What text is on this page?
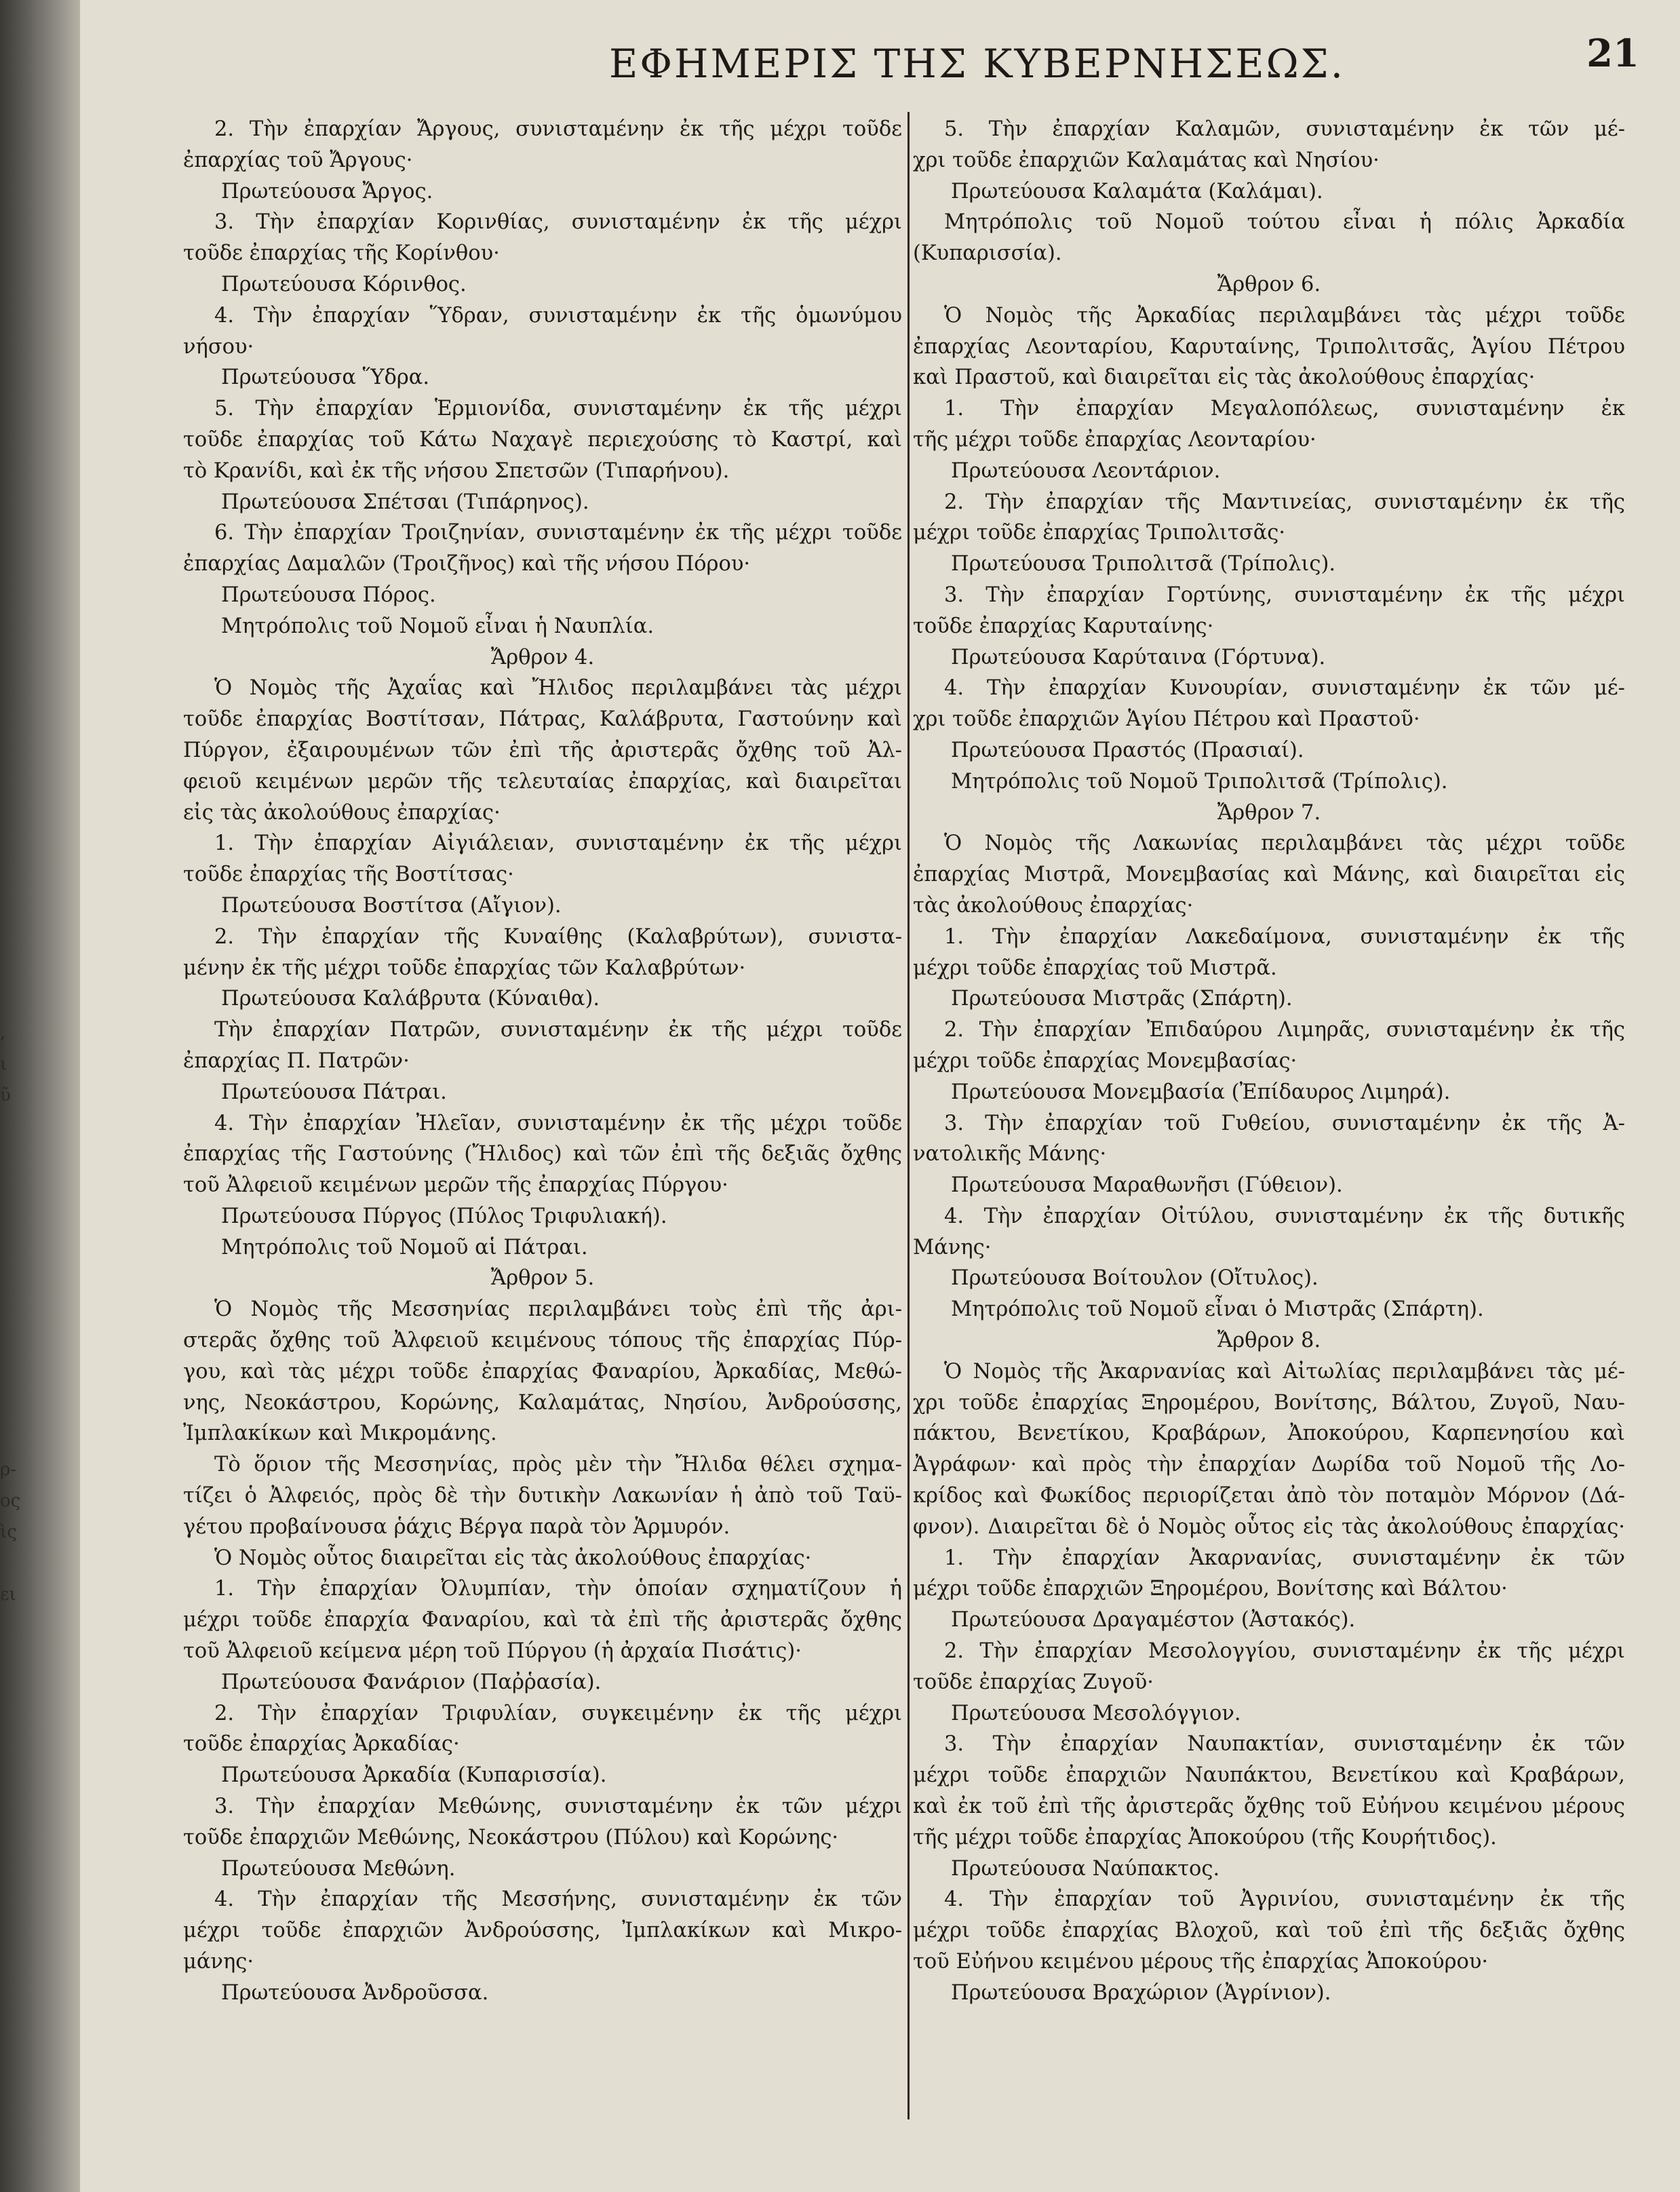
,
ι
ῦ
ρ-
ος
ὶς
ει
ΕΦΗΜΕΡΙΣ ΤΗΣ ΚΥΒΕΡΝΗΣΕΩΣ.	21
2. Τὴν ἐπαρχίαν Ἄργους, συνισταμένην ἐκ τῆς μέχρι τοῦδε
ἐπαρχίας τοῦ Ἄργους·
Πρωτεύουσα Ἄργος.
3. Τὴν ἐπαρχίαν Κορινθίας, συνισταμένην ἐκ τῆς μέχρι
τοῦδε ἐπαρχίας τῆς Κορίνθου·
Πρωτεύουσα Κόρινθος.
4. Τὴν ἐπαρχίαν Ὕδραν, συνισταμένην ἐκ τῆς ὁμωνύμου
νήσου·
Πρωτεύουσα Ὕδρα.
5. Τὴν ἐπαρχίαν Ἑρμιονίδα, συνισταμένην ἐκ τῆς μέχρι
τοῦδε ἐπαρχίας τοῦ Κάτω Ναχαγὲ περιεχούσης τὸ Καστρί, καὶ
τὸ Κρανίδι, καὶ ἐκ τῆς νήσου Σπετσῶν (Τιπαρήνου).
Πρωτεύουσα Σπέτσαι (Τιπάρηνος).
6. Τὴν ἐπαρχίαν Τροιζηνίαν, συνισταμένην ἐκ τῆς μέχρι τοῦδε
ἐπαρχίας Δαμαλῶν (Τροιζῆνος) καὶ τῆς νήσου Πόρου·
Πρωτεύουσα Πόρος.
Μητρόπολις τοῦ Νομοῦ εἶναι ἡ Ναυπλία.
Ἄρθρον 4.
Ὁ Νομὸς τῆς Ἀχαΐας καὶ Ἤλιδος περιλαμβάνει τὰς μέχρι
τοῦδε ἐπαρχίας Βοστίτσαν, Πάτρας, Καλάβρυτα, Γαστούνην καὶ
Πύργον, ἐξαιρουμένων τῶν ἐπὶ τῆς ἀριστερᾶς ὄχθης τοῦ Ἀλ-
φειοῦ κειμένων μερῶν τῆς τελευταίας ἐπαρχίας, καὶ διαιρεῖται
εἰς τὰς ἀκολούθους ἐπαρχίας·
1. Τὴν ἐπαρχίαν Αἰγιάλειαν, συνισταμένην ἐκ τῆς μέχρι
τοῦδε ἐπαρχίας τῆς Βοστίτσας·
Πρωτεύουσα Βοστίτσα (Αἴγιον).
2. Τὴν ἐπαρχίαν τῆς Κυναίθης (Καλαβρύτων), συνιστα-
μένην ἐκ τῆς μέχρι τοῦδε ἐπαρχίας τῶν Καλαβρύτων·
Πρωτεύουσα Καλάβρυτα (Κύναιθα).
Τὴν ἐπαρχίαν Πατρῶν, συνισταμένην ἐκ τῆς μέχρι τοῦδε
ἐπαρχίας Π. Πατρῶν·
Πρωτεύουσα Πάτραι.
4. Τὴν ἐπαρχίαν Ἠλεῖαν, συνισταμένην ἐκ τῆς μέχρι τοῦδε
ἐπαρχίας τῆς Γαστούνης (Ἤλιδος) καὶ τῶν ἐπὶ τῆς δεξιᾶς ὄχθης
τοῦ Ἀλφειοῦ κειμένων μερῶν τῆς ἐπαρχίας Πύργου·
Πρωτεύουσα Πύργος (Πύλος Τριφυλιακή).
Μητρόπολις τοῦ Νομοῦ αἱ Πάτραι.
Ἄρθρον 5.
Ὁ Νομὸς τῆς Μεσσηνίας περιλαμβάνει τοὺς ἐπὶ τῆς ἀρι-
στερᾶς ὄχθης τοῦ Ἀλφειοῦ κειμένους τόπους τῆς ἐπαρχίας Πύρ-
γου, καὶ τὰς μέχρι τοῦδε ἐπαρχίας Φαναρίου, Ἀρκαδίας, Μεθώ-
νης, Νεοκάστρου, Κορώνης, Καλαμάτας, Νησίου, Ἀνδρούσσης,
Ἰμπλακίκων καὶ Μικρομάνης.
Τὸ ὅριον τῆς Μεσσηνίας, πρὸς μὲν τὴν Ἤλιδα θέλει σχημα-
τίζει ὁ Ἀλφειός, πρὸς δὲ τὴν δυτικὴν Λακωνίαν ἡ ἀπὸ τοῦ Ταϋ-
γέτου προβαίνουσα ῥάχις Βέργα παρὰ τὸν Ἁρμυρόν.
Ὁ Νομὸς οὗτος διαιρεῖται εἰς τὰς ἀκολούθους ἐπαρχίας·
1. Τὴν ἐπαρχίαν Ὀλυμπίαν, τὴν ὁποίαν σχηματίζουν ἡ
μέχρι τοῦδε ἐπαρχία Φαναρίου, καὶ τὰ ἐπὶ τῆς ἀριστερᾶς ὄχθης
τοῦ Ἀλφειοῦ κείμενα μέρη τοῦ Πύργου (ἡ ἀρχαία Πισάτις)·
Πρωτεύουσα Φανάριον (Παῤῥασία).
2. Τὴν ἐπαρχίαν Τριφυλίαν, συγκειμένην ἐκ τῆς μέχρι
τοῦδε ἐπαρχίας Ἀρκαδίας·
Πρωτεύουσα Ἀρκαδία (Κυπαρισσία).
3. Τὴν ἐπαρχίαν Μεθώνης, συνισταμένην ἐκ τῶν μέχρι
τοῦδε ἐπαρχιῶν Μεθώνης, Νεοκάστρου (Πύλου) καὶ Κορώνης·
Πρωτεύουσα Μεθώνη.
4. Τὴν ἐπαρχίαν τῆς Μεσσήνης, συνισταμένην ἐκ τῶν
μέχρι τοῦδε ἐπαρχιῶν Ἀνδρούσσης, Ἰμπλακίκων καὶ Μικρο-
μάνης·
Πρωτεύουσα Ἀνδροῦσσα.
5. Τὴν ἐπαρχίαν Καλαμῶν, συνισταμένην ἐκ τῶν μέ-
χρι τοῦδε ἐπαρχιῶν Καλαμάτας καὶ Νησίου·
Πρωτεύουσα Καλαμάτα (Καλάμαι).
Μητρόπολις τοῦ Νομοῦ τούτου εἶναι ἡ πόλις Ἀρκαδία
(Κυπαρισσία).
Ἄρθρον 6.
Ὁ Νομὸς τῆς Ἀρκαδίας περιλαμβάνει τὰς μέχρι τοῦδε
ἐπαρχίας Λεονταρίου, Καρυταίνης, Τριπολιτσᾶς, Ἁγίου Πέτρου
καὶ Πραστοῦ, καὶ διαιρεῖται εἰς τὰς ἀκολούθους ἐπαρχίας·
1. Τὴν ἐπαρχίαν Μεγαλοπόλεως, συνισταμένην ἐκ
τῆς μέχρι τοῦδε ἐπαρχίας Λεονταρίου·
Πρωτεύουσα Λεοντάριον.
2. Τὴν ἐπαρχίαν τῆς Μαντινείας, συνισταμένην ἐκ τῆς
μέχρι τοῦδε ἐπαρχίας Τριπολιτσᾶς·
Πρωτεύουσα Τριπολιτσᾶ (Τρίπολις).
3. Τὴν ἐπαρχίαν Γορτύνης, συνισταμένην ἐκ τῆς μέχρι
τοῦδε ἐπαρχίας Καρυταίνης·
Πρωτεύουσα Καρύταινα (Γόρτυνα).
4. Τὴν ἐπαρχίαν Κυνουρίαν, συνισταμένην ἐκ τῶν μέ-
χρι τοῦδε ἐπαρχιῶν Ἁγίου Πέτρου καὶ Πραστοῦ·
Πρωτεύουσα Πραστός (Πρασιαί).
Μητρόπολις τοῦ Νομοῦ Τριπολιτσᾶ (Τρίπολις).
Ἄρθρον 7.
Ὁ Νομὸς τῆς Λακωνίας περιλαμβάνει τὰς μέχρι τοῦδε
ἐπαρχίας Μιστρᾶ, Μονεμβασίας καὶ Μάνης, καὶ διαιρεῖται εἰς
τὰς ἀκολούθους ἐπαρχίας·
1. Τὴν ἐπαρχίαν Λακεδαίμονα, συνισταμένην ἐκ τῆς
μέχρι τοῦδε ἐπαρχίας τοῦ Μιστρᾶ.
Πρωτεύουσα Μιστρᾶς (Σπάρτη).
2. Τὴν ἐπαρχίαν Ἐπιδαύρου Λιμηρᾶς, συνισταμένην ἐκ τῆς
μέχρι τοῦδε ἐπαρχίας Μονεμβασίας·
Πρωτεύουσα Μονεμβασία (Ἐπίδαυρος Λιμηρά).
3. Τὴν ἐπαρχίαν τοῦ Γυθείου, συνισταμένην ἐκ τῆς Ἀ-
νατολικῆς Μάνης·
Πρωτεύουσα Μαραθωνῆσι (Γύθειον).
4. Τὴν ἐπαρχίαν Οἰτύλου, συνισταμένην ἐκ τῆς δυτικῆς
Μάνης·
Πρωτεύουσα Βοίτουλον (Οἴτυλος).
Μητρόπολις τοῦ Νομοῦ εἶναι ὁ Μιστρᾶς (Σπάρτη).
Ἄρθρον 8.
Ὁ Νομὸς τῆς Ἀκαρνανίας καὶ Αἰτωλίας περιλαμβάνει τὰς μέ-
χρι τοῦδε ἐπαρχίας Ξηρομέρου, Βονίτσης, Βάλτου, Ζυγοῦ, Ναυ-
πάκτου, Βενετίκου, Κραβάρων, Ἀποκούρου, Καρπενησίου καὶ
Ἀγράφων· καὶ πρὸς τὴν ἐπαρχίαν Δωρίδα τοῦ Νομοῦ τῆς Λο-
κρίδος καὶ Φωκίδος περιορίζεται ἀπὸ τὸν ποταμὸν Μόρνον (Δά-
φνον). Διαιρεῖται δὲ ὁ Νομὸς οὗτος εἰς τὰς ἀκολούθους ἐπαρχίας·
1. Τὴν ἐπαρχίαν Ἀκαρνανίας, συνισταμένην ἐκ τῶν
μέχρι τοῦδε ἐπαρχιῶν Ξηρομέρου, Βονίτσης καὶ Βάλτου·
Πρωτεύουσα Δραγαμέστον (Ἀστακός).
2. Τὴν ἐπαρχίαν Μεσολογγίου, συνισταμένην ἐκ τῆς μέχρι
τοῦδε ἐπαρχίας Ζυγοῦ·
Πρωτεύουσα Μεσολόγγιον.
3. Τὴν ἐπαρχίαν Ναυπακτίαν, συνισταμένην ἐκ τῶν
μέχρι τοῦδε ἐπαρχιῶν Ναυπάκτου, Βενετίκου καὶ Κραβάρων,
καὶ ἐκ τοῦ ἐπὶ τῆς ἀριστερᾶς ὄχθης τοῦ Εὐήνου κειμένου μέρους
τῆς μέχρι τοῦδε ἐπαρχίας Ἀποκούρου (τῆς Κουρήτιδος).
Πρωτεύουσα Ναύπακτος.
4. Τὴν ἐπαρχίαν τοῦ Ἀγρινίου, συνισταμένην ἐκ τῆς
μέχρι τοῦδε ἐπαρχίας Βλοχοῦ, καὶ τοῦ ἐπὶ τῆς δεξιᾶς ὄχθης
τοῦ Εὐήνου κειμένου μέρους τῆς ἐπαρχίας Ἀποκούρου·
Πρωτεύουσα Βραχώριον (Ἀγρίνιον).
